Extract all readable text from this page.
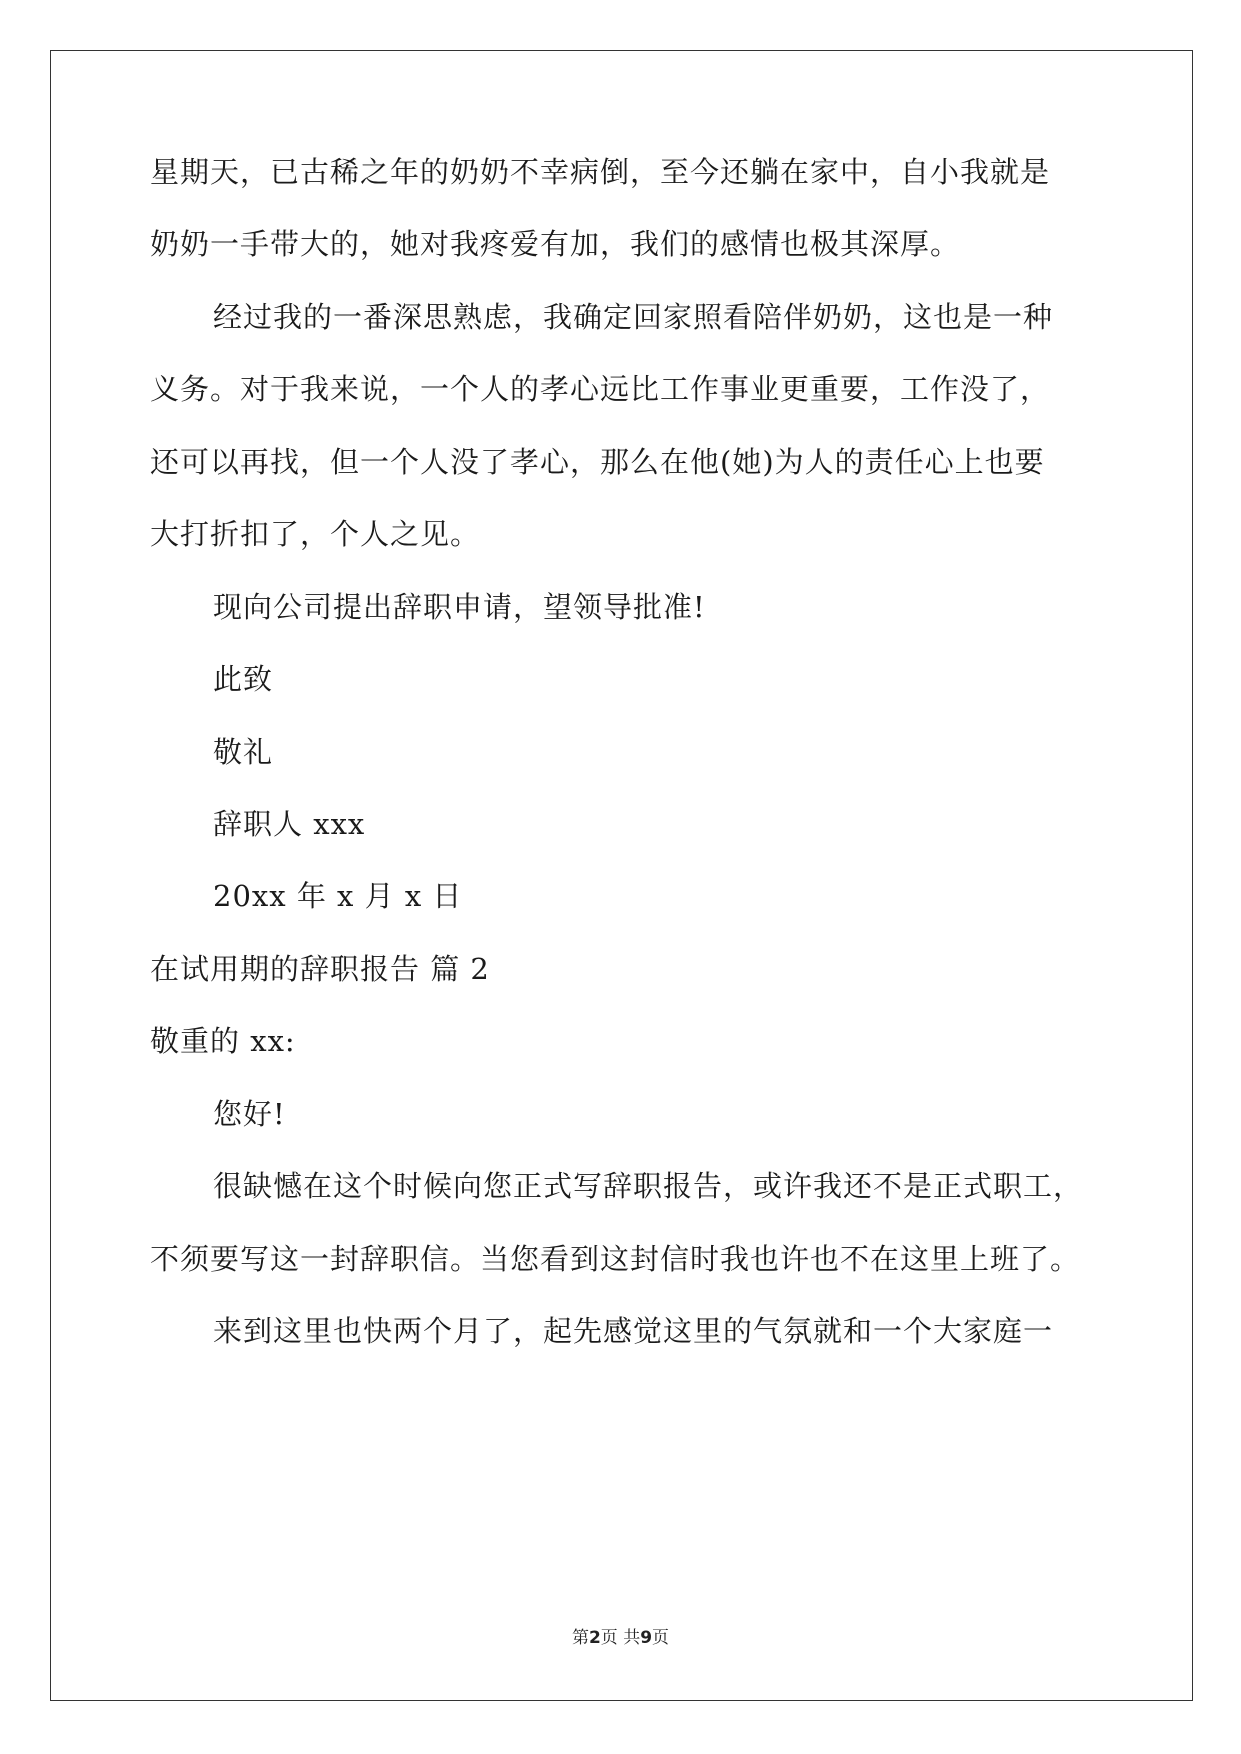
星期天，已古稀之年的奶奶不幸病倒，至今还躺在家中，自小我就是
奶奶一手带大的，她对我疼爱有加，我们的感情也极其深厚。
经过我的一番深思熟虑，我确定回家照看陪伴奶奶，这也是一种
义务。对于我来说，一个人的孝心远比工作事业更重要，工作没了，
还可以再找，但一个人没了孝心，那么在他(她)为人的责任心上也要
大打折扣了，个人之见。
现向公司提出辞职申请，望领导批准!
此致
敬礼
辞职人 xxx
20xx 年 x 月 x 日
在试用期的辞职报告 篇 2
敬重的 xx:
您好!
很缺憾在这个时候向您正式写辞职报告，或许我还不是正式职工，
不须要写这一封辞职信。当您看到这封信时我也许也不在这里上班了。
来到这里也快两个月了，起先感觉这里的气氛就和一个大家庭一
第2页 共9页
